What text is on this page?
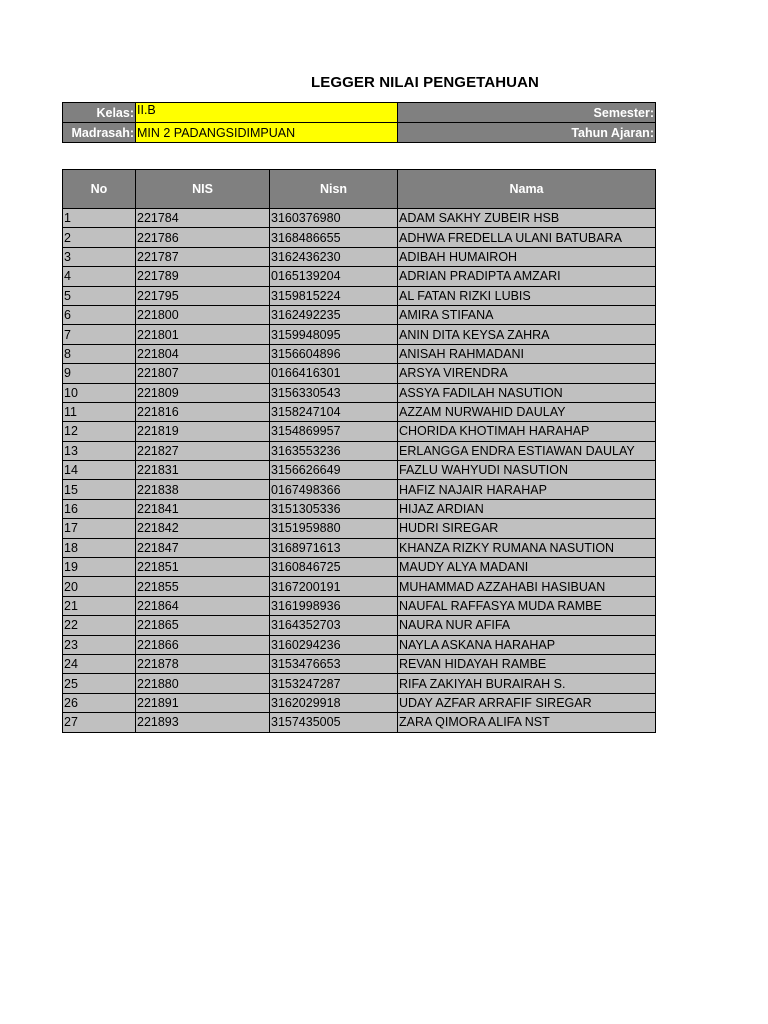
LEGGER NILAI PENGETAHUAN
Kelas:	II.B	Semester:
Madrasah:	MIN 2 PADANGSIDIMPUAN	Tahun Ajaran:
No	NIS	Nisn	Nama
1	221784	3160376980	ADAM SAKHY ZUBEIR HSB
2	221786	3168486655	ADHWA FREDELLA ULANI BATUBARA
3	221787	3162436230	ADIBAH HUMAIROH
4	221789	0165139204	ADRIAN PRADIPTA AMZARI
5	221795	3159815224	AL FATAN RIZKI LUBIS
6	221800	3162492235	AMIRA STIFANA
7	221801	3159948095	ANIN DITA KEYSA ZAHRA
8	221804	3156604896	ANISAH RAHMADANI
9	221807	0166416301	ARSYA VIRENDRA
10	221809	3156330543	ASSYA FADILAH NASUTION
11	221816	3158247104	AZZAM NURWAHID DAULAY
12	221819	3154869957	CHORIDA KHOTIMAH HARAHAP
13	221827	3163553236	ERLANGGA ENDRA ESTIAWAN DAULAY
14	221831	3156626649	FAZLU WAHYUDI NASUTION
15	221838	0167498366	HAFIZ NAJAIR HARAHAP
16	221841	3151305336	HIJAZ ARDIAN
17	221842	3151959880	HUDRI SIREGAR
18	221847	3168971613	KHANZA RIZKY RUMANA NASUTION
19	221851	3160846725	MAUDY ALYA MADANI
20	221855	3167200191	MUHAMMAD AZZAHABI HASIBUAN
21	221864	3161998936	NAUFAL RAFFASYA MUDA RAMBE
22	221865	3164352703	NAURA NUR AFIFA
23	221866	3160294236	NAYLA ASKANA HARAHAP
24	221878	3153476653	REVAN HIDAYAH RAMBE
25	221880	3153247287	RIFA ZAKIYAH BURAIRAH S.
26	221891	3162029918	UDAY AZFAR ARRAFIF SIREGAR
27	221893	3157435005	ZARA QIMORA ALIFA NST
